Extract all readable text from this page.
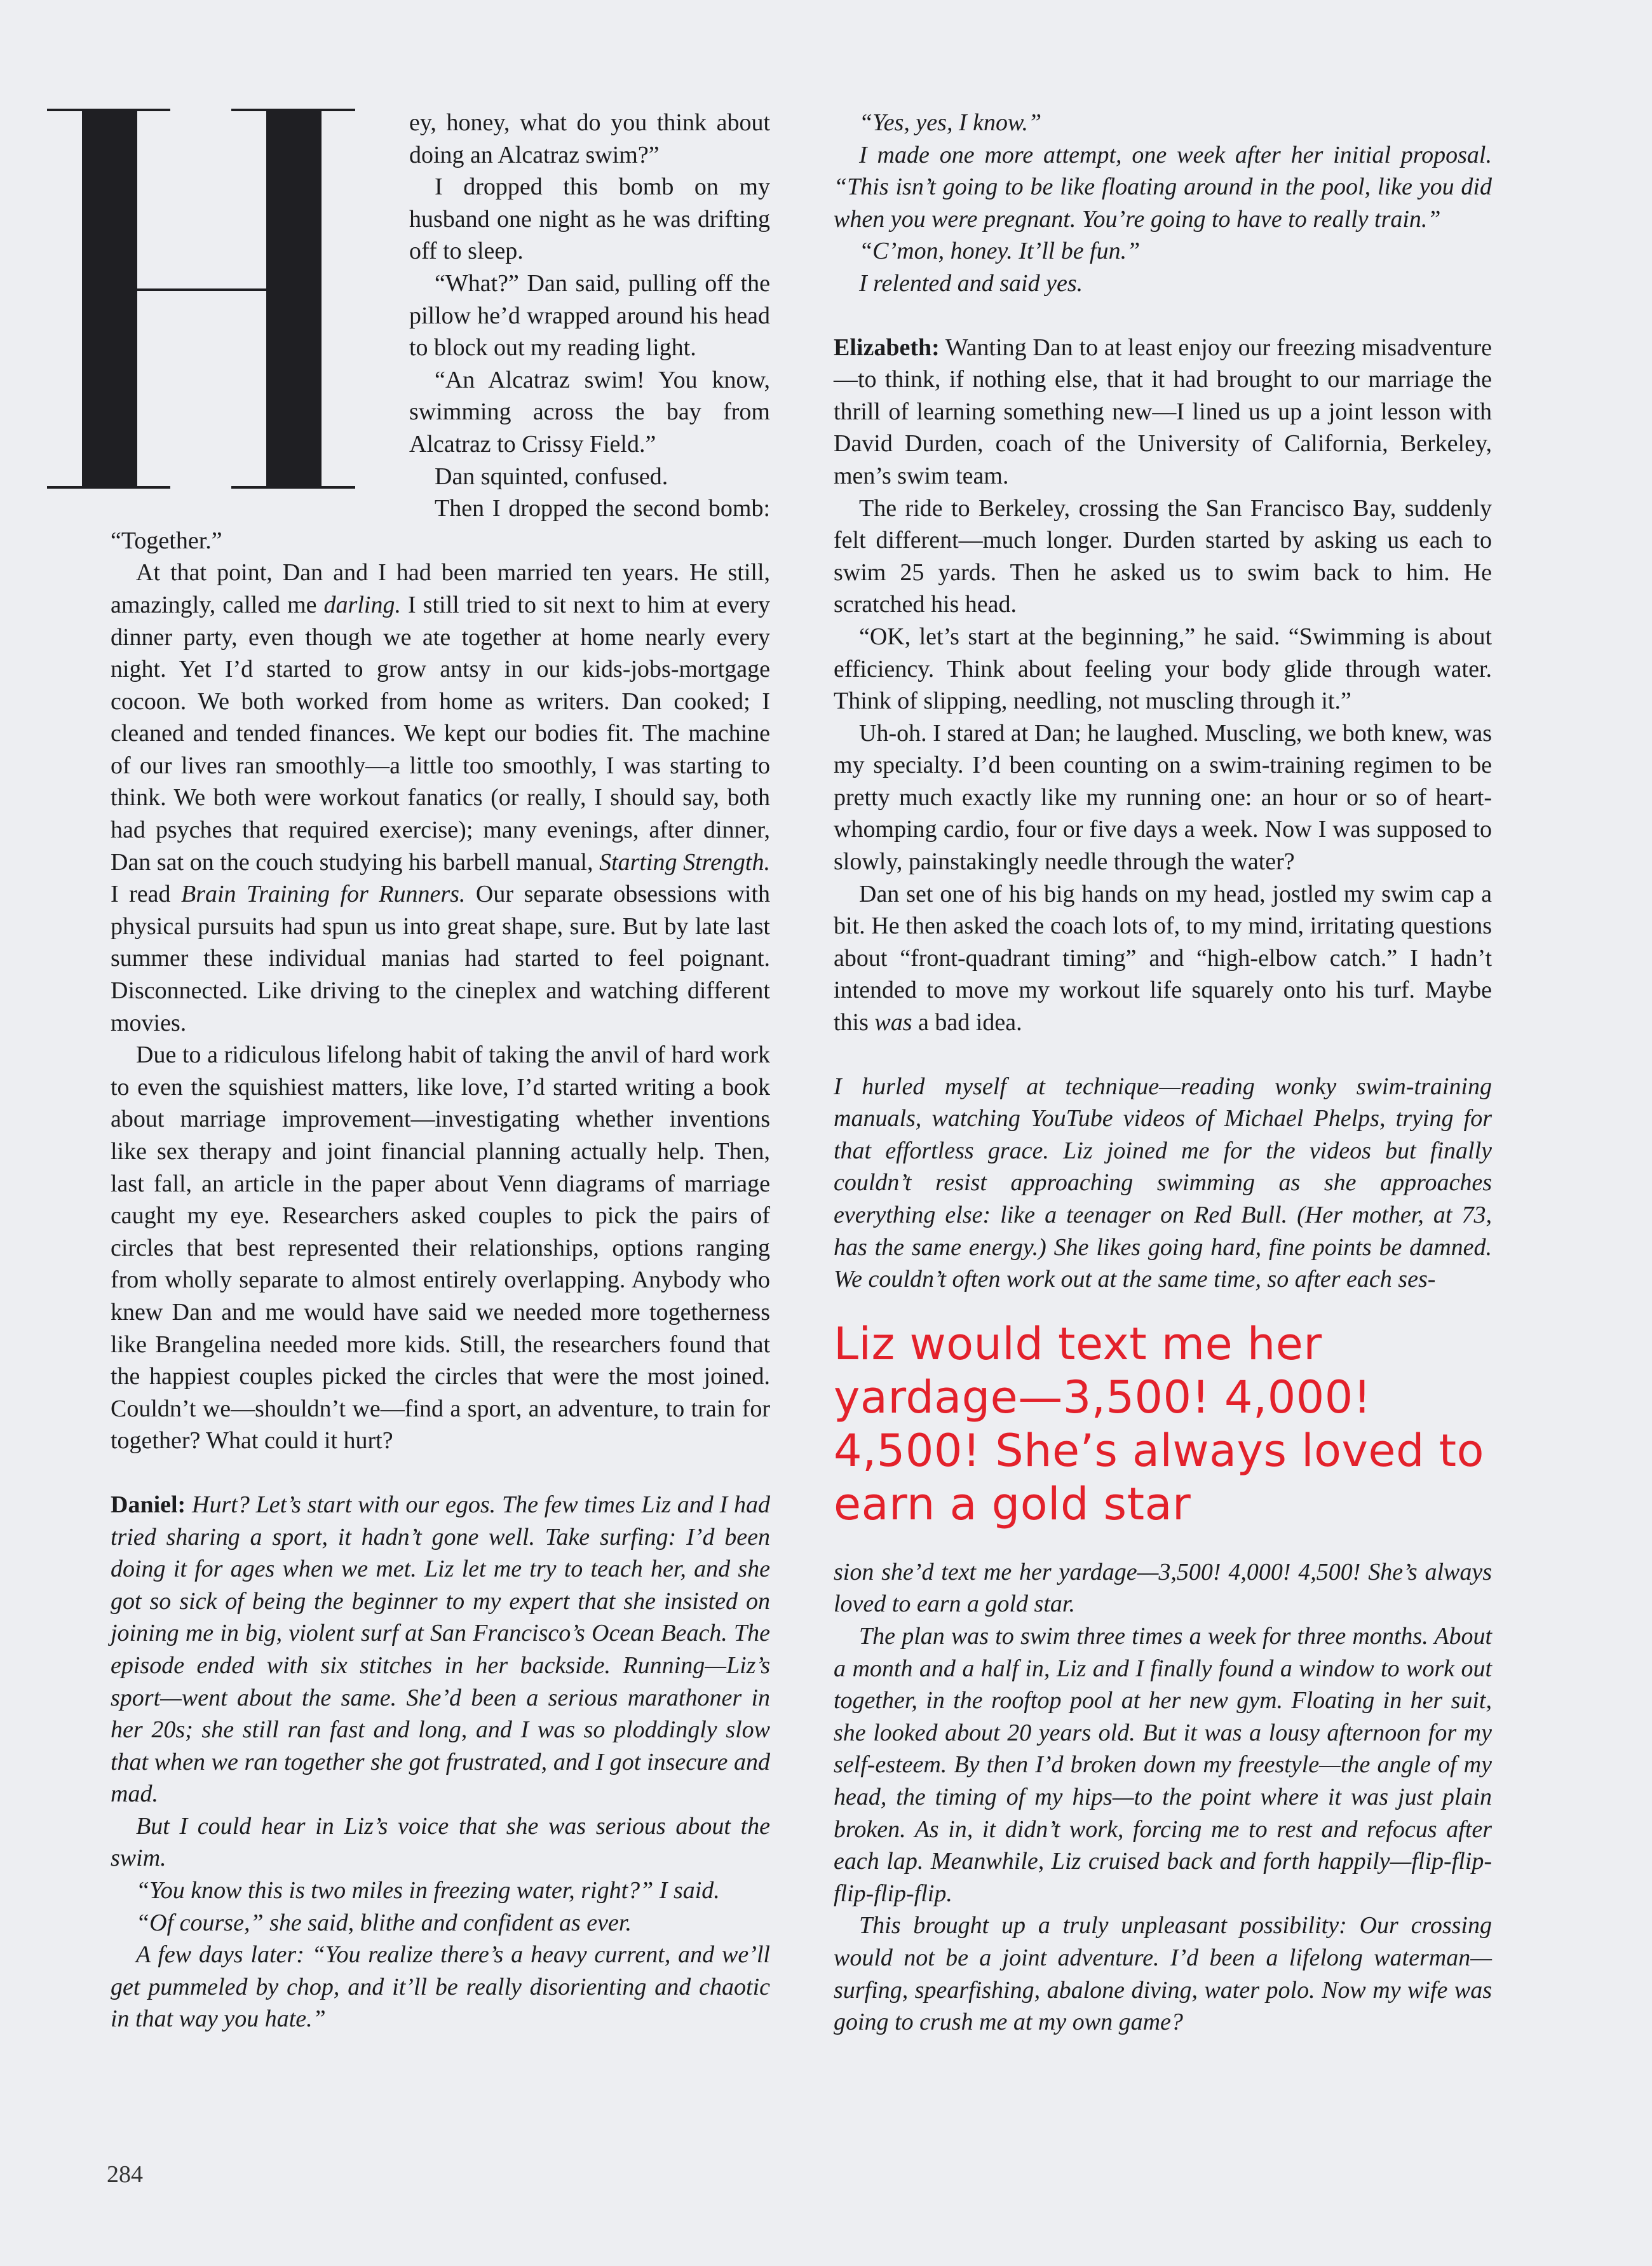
ey, honey, what do you think about doing an Alcatraz swim?”

I dropped this bomb on my husband one night as he was drifting off to sleep.

“What?” Dan said, pulling off the pillow he’d wrapped around his head to block out my reading light.

“An Alcatraz swim! You know, swimming across the bay from Alcatraz to Crissy Field.”

Dan squinted, confused.

Then I dropped the second bomb: “Together.”

At that point, Dan and I had been married ten years. He still, amazingly, called me darling. I still tried to sit next to him at every dinner party, even though we ate together at home nearly every night. Yet I’d started to grow antsy in our kids-jobs-mortgage cocoon. We both worked from home as writers. Dan cooked; I cleaned and tended finances. We kept our bodies fit. The machine of our lives ran smoothly—a little too smoothly, I was starting to think. We both were workout fanatics (or really, I should say, both had psyches that required exercise); many evenings, after dinner, Dan sat on the couch studying his barbell manual, Starting Strength. I read Brain Training for Runners. Our separate obsessions with physical pursuits had spun us into great shape, sure. But by late last summer these individual manias had started to feel poignant. Disconnected. Like driving to the cineplex and watching different movies.

Due to a ridiculous lifelong habit of taking the anvil of hard work to even the squishiest matters, like love, I’d started writing a book about marriage improvement—investigating whether inventions like sex therapy and joint financial planning actually help. Then, last fall, an article in the paper about Venn diagrams of marriage caught my eye. Researchers asked couples to pick the pairs of circles that best represented their relationships, options ranging from wholly separate to almost entirely overlapping. Anybody who knew Dan and me would have said we needed more togetherness like Brangelina needed more kids. Still, the researchers found that the happiest couples picked the circles that were the most joined. Couldn’t we—shouldn’t we—find a sport, an adventure, to train for together? What could it hurt?

Daniel: Hurt? Let’s start with our egos. The few times Liz and I had tried sharing a sport, it hadn’t gone well. Take surfing: I’d been doing it for ages when we met. Liz let me try to teach her, and she got so sick of being the beginner to my expert that she insisted on joining me in big, violent surf at San Francisco’s Ocean Beach. The episode ended with six stitches in her backside. Running—Liz’s sport—went about the same. She’d been a serious marathoner in her 20s; she still ran fast and long, and I was so ploddingly slow that when we ran together she got frustrated, and I got insecure and mad.

But I could hear in Liz’s voice that she was serious about the swim.

“You know this is two miles in freezing water, right?” I said.

“Of course,” she said, blithe and confident as ever.

A few days later: “You realize there’s a heavy current, and we’ll get pummeled by chop, and it’ll be really disorienting and chaotic in that way you hate.”

“Yes, yes, I know.”

I made one more attempt, one week after her initial proposal. “This isn’t going to be like floating around in the pool, like you did when you were pregnant. You’re going to have to really train.”

“C’mon, honey. It’ll be fun.”

I relented and said yes.

Elizabeth: Wanting Dan to at least enjoy our freezing misadventure—to think, if nothing else, that it had brought to our marriage the thrill of learning something new—I lined us up a joint lesson with David Durden, coach of the University of California, Berkeley, men’s swim team.

The ride to Berkeley, crossing the San Francisco Bay, suddenly felt different—much longer. Durden started by asking us each to swim 25 yards. Then he asked us to swim back to him. He scratched his head.

“OK, let’s start at the beginning,” he said. “Swimming is about efficiency. Think about feeling your body glide through water. Think of slipping, needling, not muscling through it.”

Uh-oh. I stared at Dan; he laughed. Muscling, we both knew, was my specialty. I’d been counting on a swim-training regimen to be pretty much exactly like my running one: an hour or so of heart-whomping cardio, four or five days a week. Now I was supposed to slowly, painstakingly needle through the water?

Dan set one of his big hands on my head, jostled my swim cap a bit. He then asked the coach lots of, to my mind, irritating questions about “front-quadrant timing” and “high-elbow catch.” I hadn’t intended to move my workout life squarely onto his turf. Maybe this was a bad idea.

I hurled myself at technique—reading wonky swim-training manuals, watching YouTube videos of Michael Phelps, trying for that effortless grace. Liz joined me for the videos but finally couldn’t resist approaching swimming as she approaches everything else: like a teenager on Red Bull. (Her mother, at 73, has the same energy.) She likes going hard, fine points be damned. We couldn’t often work out at the same time, so after each ses-

Liz would text me her yardage—3,500! 4,000! 4,500! She’s always loved to earn a gold star

sion she’d text me her yardage—3,500! 4,000! 4,500! She’s always loved to earn a gold star.

The plan was to swim three times a week for three months. About a month and a half in, Liz and I finally found a window to work out together, in the rooftop pool at her new gym. Floating in her suit, she looked about 20 years old. But it was a lousy afternoon for my self-esteem. By then I’d broken down my freestyle—the angle of my head, the timing of my hips—to the point where it was just plain broken. As in, it didn’t work, forcing me to rest and refocus after each lap. Meanwhile, Liz cruised back and forth happily—flip-flip-flip-flip-flip.

This brought up a truly unpleasant possibility: Our crossing would not be a joint adventure. I’d been a lifelong waterman—surfing, spearfishing, abalone diving, water polo. Now my wife was going to crush me at my own game?

284
